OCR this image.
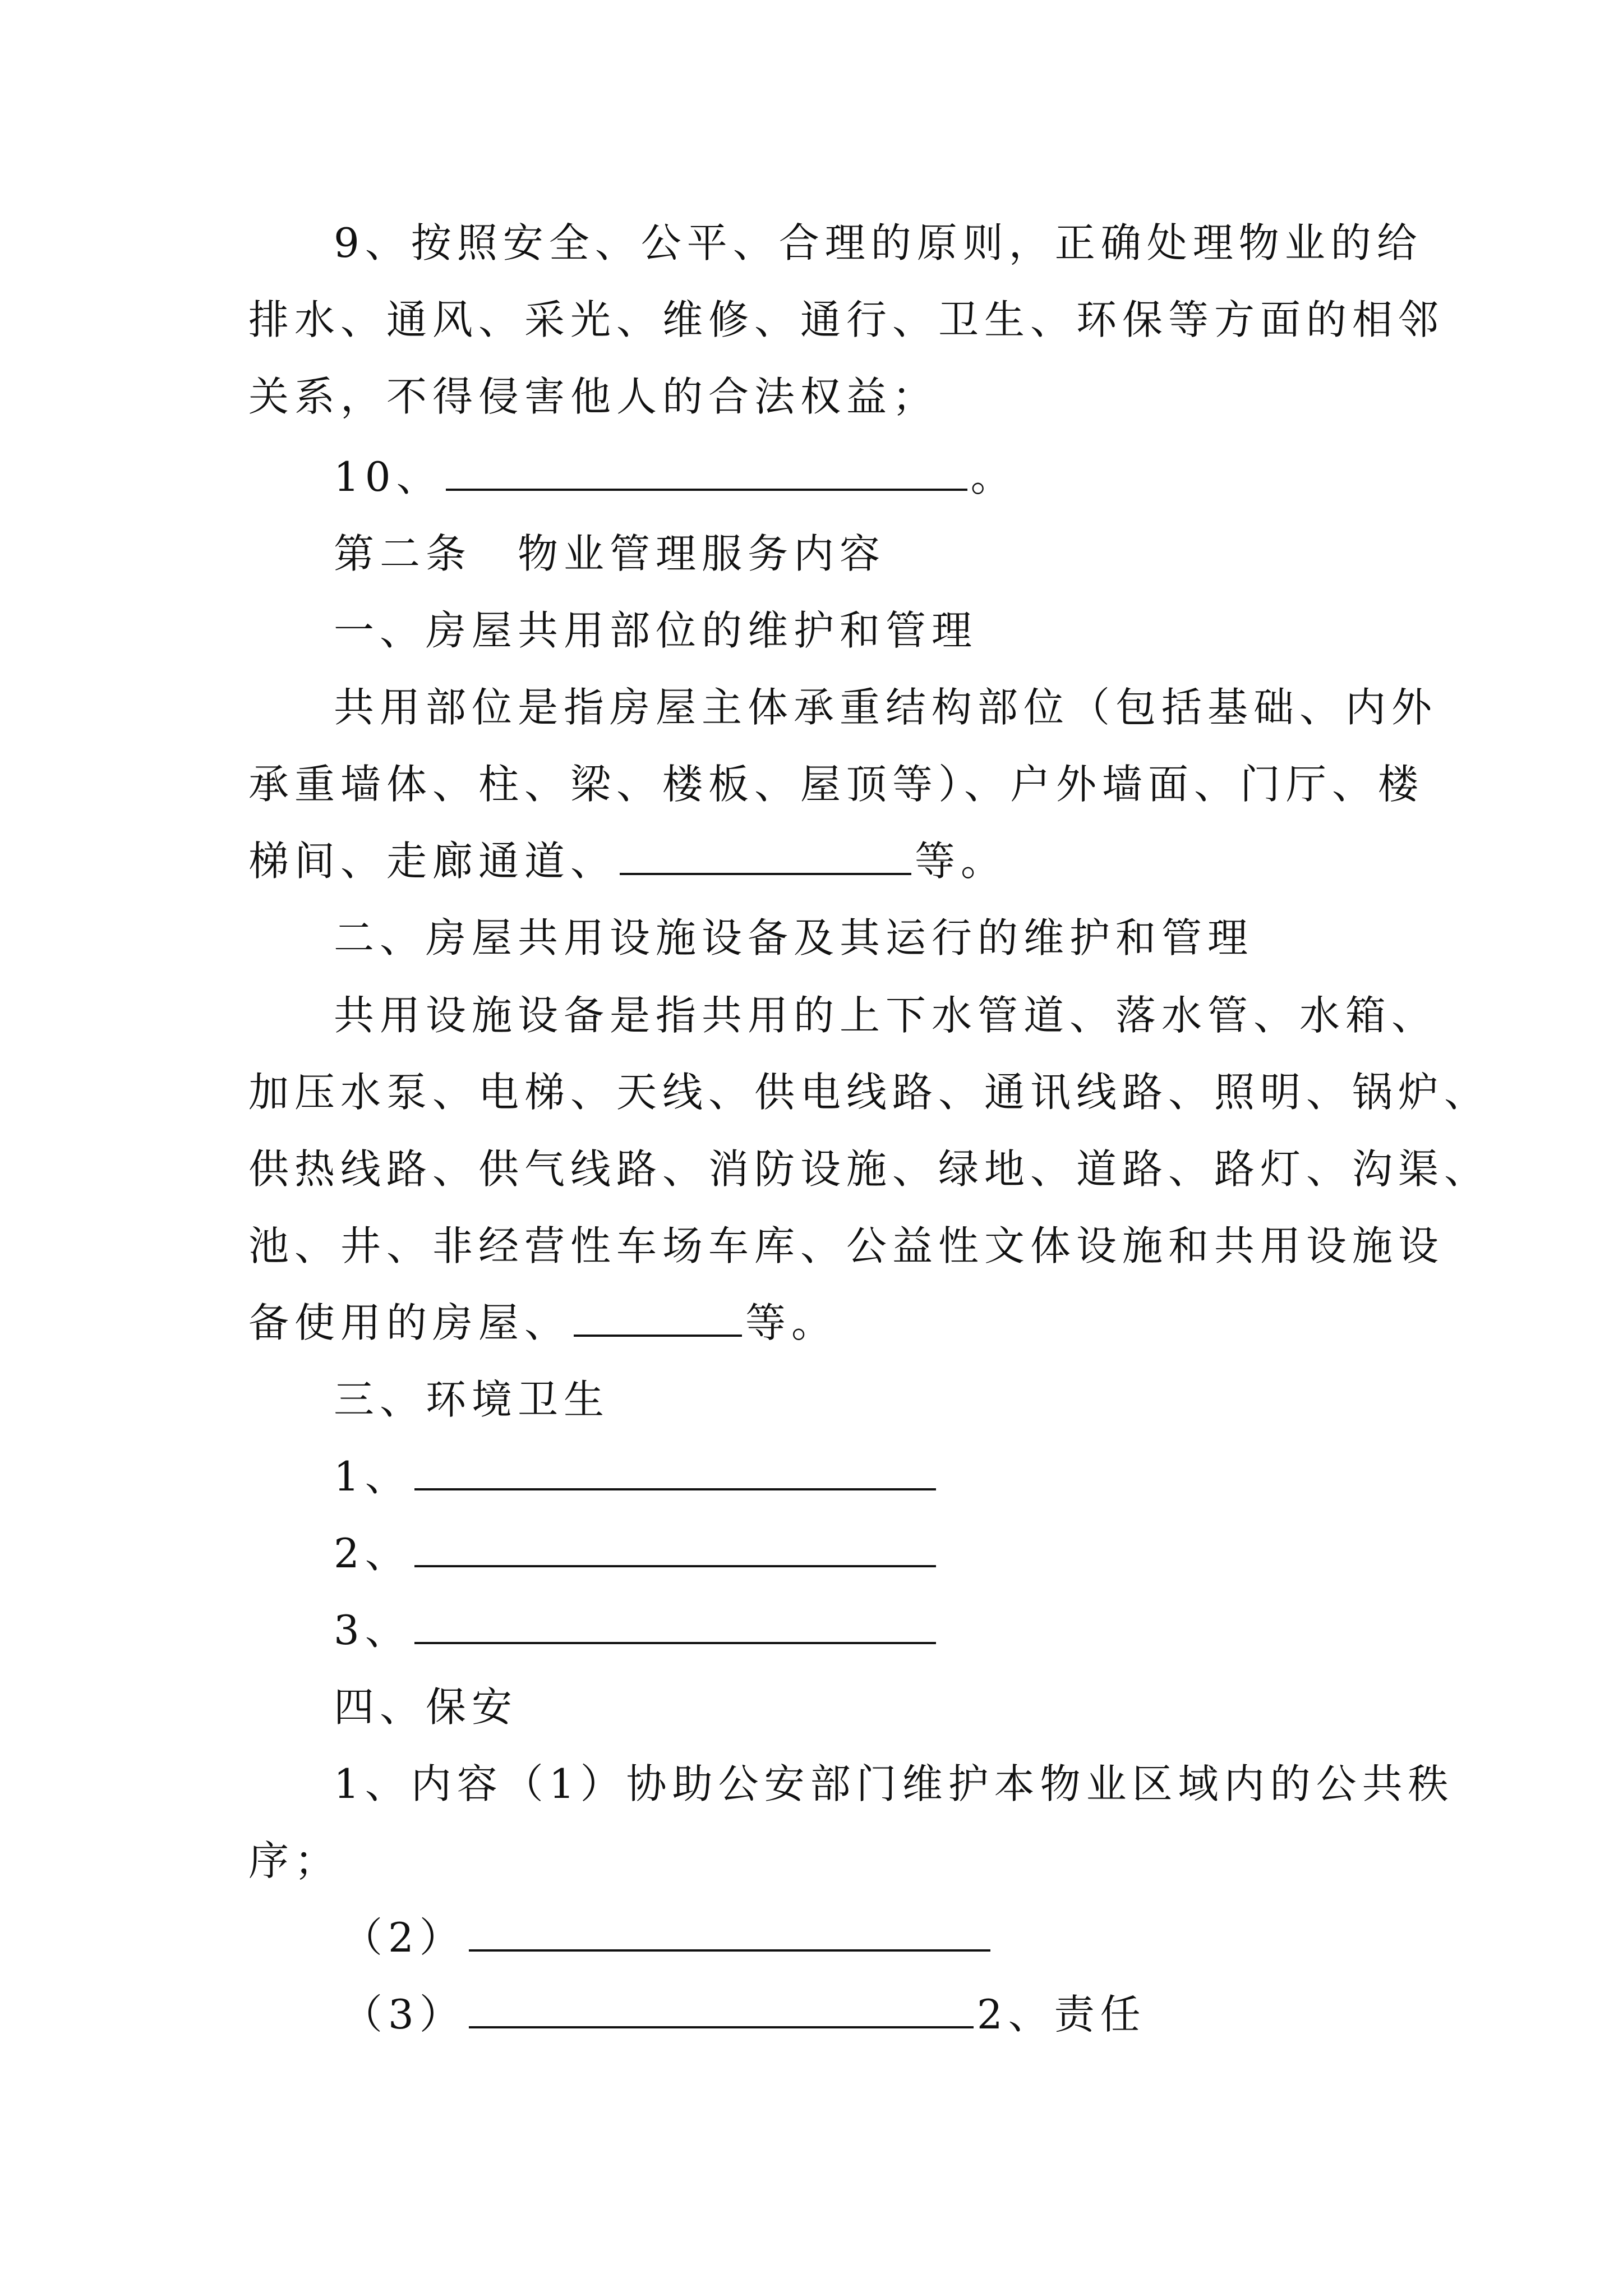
9、按照安全、公平、合理的原则，正确处理物业的给
排水、通风、采光、维修、通行、卫生、环保等方面的相邻
关系，不得侵害他人的合法权益；
10、	。
第二条　物业管理服务内容
一、房屋共用部位的维护和管理
共用部位是指房屋主体承重结构部位（包括基础、内外
承重墙体、柱、梁、楼板、屋顶等）、户外墙面、门厅、楼
梯间、走廊通道、	等。
二、房屋共用设施设备及其运行的维护和管理
共用设施设备是指共用的上下水管道、落水管、水箱、
加压水泵、电梯、天线、供电线路、通讯线路、照明、锅炉、
供热线路、供气线路、消防设施、绿地、道路、路灯、沟渠、
池、井、非经营性车场车库、公益性文体设施和共用设施设
备使用的房屋、	等。
三、环境卫生
1、
2、
3、
四、保安
1、内容（1）协助公安部门维护本物业区域内的公共秩
序；
（2）
（3）	2、责任
